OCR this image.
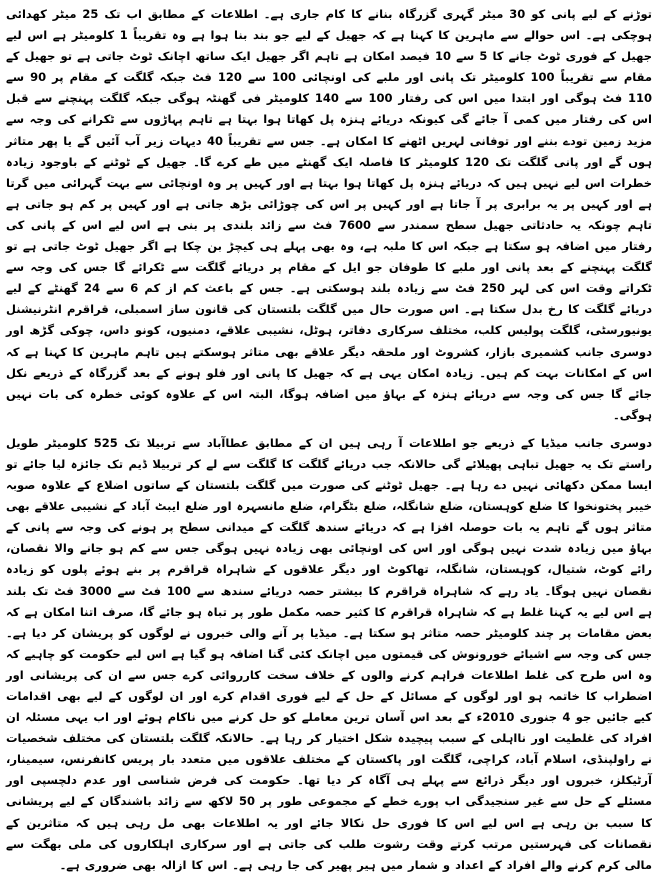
توڑنے کے لیے پانی کو 30 میٹر گہری گزرگاہ بنانے کا کام جاری ہے۔ اطلاعات کے مطابق اب تک 25 میٹر کھدائی ہوچکی ہے۔ اس حوالے سے ماہرین کا کہنا ہے کہ جھیل کے لیے جو بند بنا ہوا ہے وہ تقریباً 1 کلومیٹر ہے اس لیے جھیل کے فوری ٹوٹ جانے کا 5 سے 10 فیصد امکان ہے تاہم اگر جھیل ایک ساتھ اچانک ٹوٹ جاتی ہے تو جھیل کے مقام سے تقریباً 100 کلومیٹر تک پانی اور ملبے کی اونچائی 100 سے 120 فٹ جبکہ گلگت کے مقام پر 90 سے 110 فٹ ہوگی اور ابتدا میں اس کی رفتار 100 سے 140 کلومیٹر فی گھنٹہ ہوگی جبکہ گلگت پہنچنے سے قبل اس کی رفتار میں کمی آ جائے گی کیونکہ دریائے ہنزہ پل کھاتا ہوا بہتا ہے تاہم پہاڑوں سے ٹکرانے کی وجہ سے مزید زمین تودے بننے اور توفانی لہریں اٹھنے کا امکان ہے۔ جس سے تقریباً 40 دیہات زیر آب آئیں گے یا پھر متاثر ہوں گے اور پانی گلگت تک 120 کلومیٹر کا فاصلہ ایک گھنٹے میں طے کرے گا۔ جھیل کے ٹوٹنے کے باوجود زیادہ خطرات اس لیے نہیں ہیں کہ دریائے ہنزہ پل کھاتا ہوا بہتا ہے اور کہیں پر وہ اونچائی سے بہت گہرائی میں گرتا ہے اور کہیں پر یہ برابری پر آ جاتا ہے اور کہیں پر اس کی چوڑائی بڑھ جاتی ہے اور کہیں پر کم ہو جاتی ہے تاہم چونکہ یہ حادثاتی جھیل سطح سمندر سے 7600 فٹ سے زائد بلندی پر بنی ہے اس لیے اس کے پانی کی رفتار میں اضافہ ہو سکتا ہے جبکہ اس کا ملبہ ہے، وہ بھی پہلے ہی کیچڑ بن چکا ہے اگر جھیل ٹوٹ جاتی ہے تو گلگت پہنچنے کے بعد پانی اور ملبے کا طوفان جو ایل کے مقام پر دریائے گلگت سے ٹکرائے گا جس کی وجہ سے ٹکراتے وقت اس کی لہر 250 فٹ سے زیادہ بلند ہوسکتی ہے۔ جس کے باعث کم از کم 6 سے 24 گھنٹے کے لیے دریائے گلگت کا رخ بدل سکتا ہے۔ اس صورت حال میں گلگت بلتستان کی قانون ساز اسمبلی، قراقرم انٹرنیشنل یونیورسٹی، گلگت پولیس کلب، مختلف سرکاری دفاتر، ہوٹل، نشیبی علاقے، دمنیوں، کونو داس، چوکی گڑھ اور دوسری جانب کشمیری بازار، کشروٹ اور ملحقہ دیگر علاقے بھی متاثر ہوسکتے ہیں تاہم ماہرین کا کہنا ہے کہ اس کے امکانات بہت کم ہیں۔ زیادہ امکان یہی ہے کہ جھیل کا پانی اور فلو ہونے کے بعد گزرگاہ کے ذریعے نکل جائے گا جس کی وجہ سے دریائے ہنزہ کے بہاؤ میں اضافہ ہوگا، البتہ اس کے علاوہ کوئی خطرہ کی بات نہیں ہوگی۔

دوسری جانب میڈیا کے ذریعے جو اطلاعات آ رہی ہیں ان کے مطابق عطاآباد سے تربیلا تک 525 کلومیٹر طویل راستے تک یہ جھیل تباہی پھیلائے گی حالانکہ جب دریائے گلگت کا گلگت سے لے کر تربیلا ڈیم تک جائزہ لیا جائے تو ایسا ممکن دکھائی نہیں دے رہا ہے۔ جھیل ٹوٹنے کی صورت میں گلگت بلتستان کے ساتوں اضلاع کے علاوہ صوبہ خیبر پختونخوا کا ضلع کوہستان، ضلع شانگلہ، ضلع بٹگرام، ضلع مانسہرہ اور ضلع ایبٹ آباد کے نشیبی علاقے بھی متاثر ہوں گے تاہم یہ بات حوصلہ افزا ہے کہ دریائے سندھ گلگت کے میدانی سطح پر ہونے کی وجہ سے پانی کے بہاؤ میں زیادہ شدت نہیں ہوگی اور اس کی اونچائی بھی زیادہ نہیں ہوگی جس سے کم ہو جانے والا نقصان، رائے کوٹ، شتیال، کوہستان، شانگلہ، تھاکوٹ اور دیگر علاقوں کے شاہراہ قراقرم پر بنے ہوئے پلوں کو زیادہ نقصان نہیں ہوگا۔ یاد رہے کہ شاہراہ قراقرم کا بیشتر حصہ دریائے سندھ سے 100 فٹ سے 3000 فٹ تک بلند ہے اس لیے یہ کہنا غلط ہے کہ شاہراہ قراقرم کا کثیر حصہ مکمل طور پر تباہ ہو جائے گا، صرف اتنا امکان ہے کہ بعض مقامات پر چند کلومیٹر حصہ متاثر ہو سکتا ہے۔ میڈیا پر آنے والی خبروں نے لوگوں کو پریشان کر دیا ہے۔ جس کی وجہ سے اشیائے خورونوش کی قیمتوں میں اچانک کئی گنا اضافہ ہو گیا ہے اس لیے حکومت کو چاہیے کہ وہ اس طرح کی غلط اطلاعات فراہم کرنے والوں کے خلاف سخت کارروائی کرے جس سے ان کی پریشانی اور اضطراب کا خاتمہ ہو اور لوگوں کے مسائل کے حل کے لیے فوری اقدام کرے اور ان لوگوں کے لیے بھی اقدامات کیے جائیں جو 4 جنوری 2010ء کے بعد اس آسان ترین معاملے کو حل کرنے میں ناکام ہوئے اور اب یہی مسئلہ ان افراد کی غلطیت اور نااہلی کے سبب پیچیدہ شکل اختیار کر رہا ہے۔ حالانکہ گلگت بلتستان کی مختلف شخصیات نے راولپنڈی، اسلام آباد، کراچی، گلگت اور پاکستان کے مختلف علاقوں میں متعدد بار پریس کانفرنس، سیمینار، آرٹیکلز، خبروں اور دیگر ذرائع سے پہلے ہی آگاہ کر دیا تھا۔ حکومت کی فرض شناسی اور عدم دلچسپی اور مسئلے کے حل سے غیر سنجیدگی اب پورے خطے کے مجموعی طور پر 50 لاکھ سے زائد باشندگان کے لیے پریشانی کا سبب بن رہی ہے اس لیے اس کا فوری حل نکالا جائے اور یہ اطلاعات بھی مل رہی ہیں کہ متاثرین کے نقصانات کی فہرستیں مرتب کرتے وقت رشوت طلب کی جاتی ہے اور سرکاری اہلکاروں کی ملی بھگت سے مالی کرم کرنے والے افراد کے اعداد و شمار میں ہیر پھیر کی جا رہی ہے۔ اس کا ازالہ بھی ضروری ہے۔
